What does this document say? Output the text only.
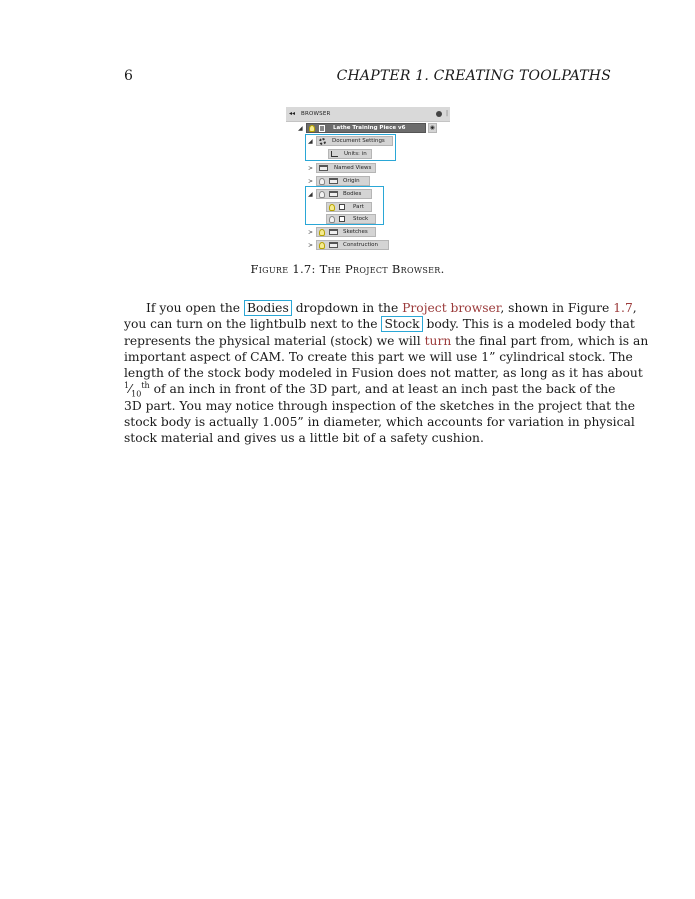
6	CHAPTER 1. CREATING TOOLPATHS
◂◂ BROWSER	|
◢	Lathe Training Piece v6	◉
◢	Document Settings
Units: in
>	Named Views
>	Origin
◢	Bodies
Part
Stock
>	Sketches
>	Construction
Figure 1.7: The Project Browser.
If you open the Bodies dropdown in the Project browser, shown in Figure 1.7,
you can turn on the lightbulb next to the Stock body. This is a modeled body that
represents the physical material (stock) we will turn the final part from, which is an
important aspect of CAM. To create this part we will use 1” cylindrical stock. The
length of the stock body modeled in Fusion does not matter, as long as it has about
$^1⁄_{10}^{th}$ of an inch in front of the 3D part, and at least an inch past the back of the
3D part. You may notice through inspection of the sketches in the project that the
stock body is actually 1.005” in diameter, which accounts for variation in physical
stock material and gives us a little bit of a safety cushion.
